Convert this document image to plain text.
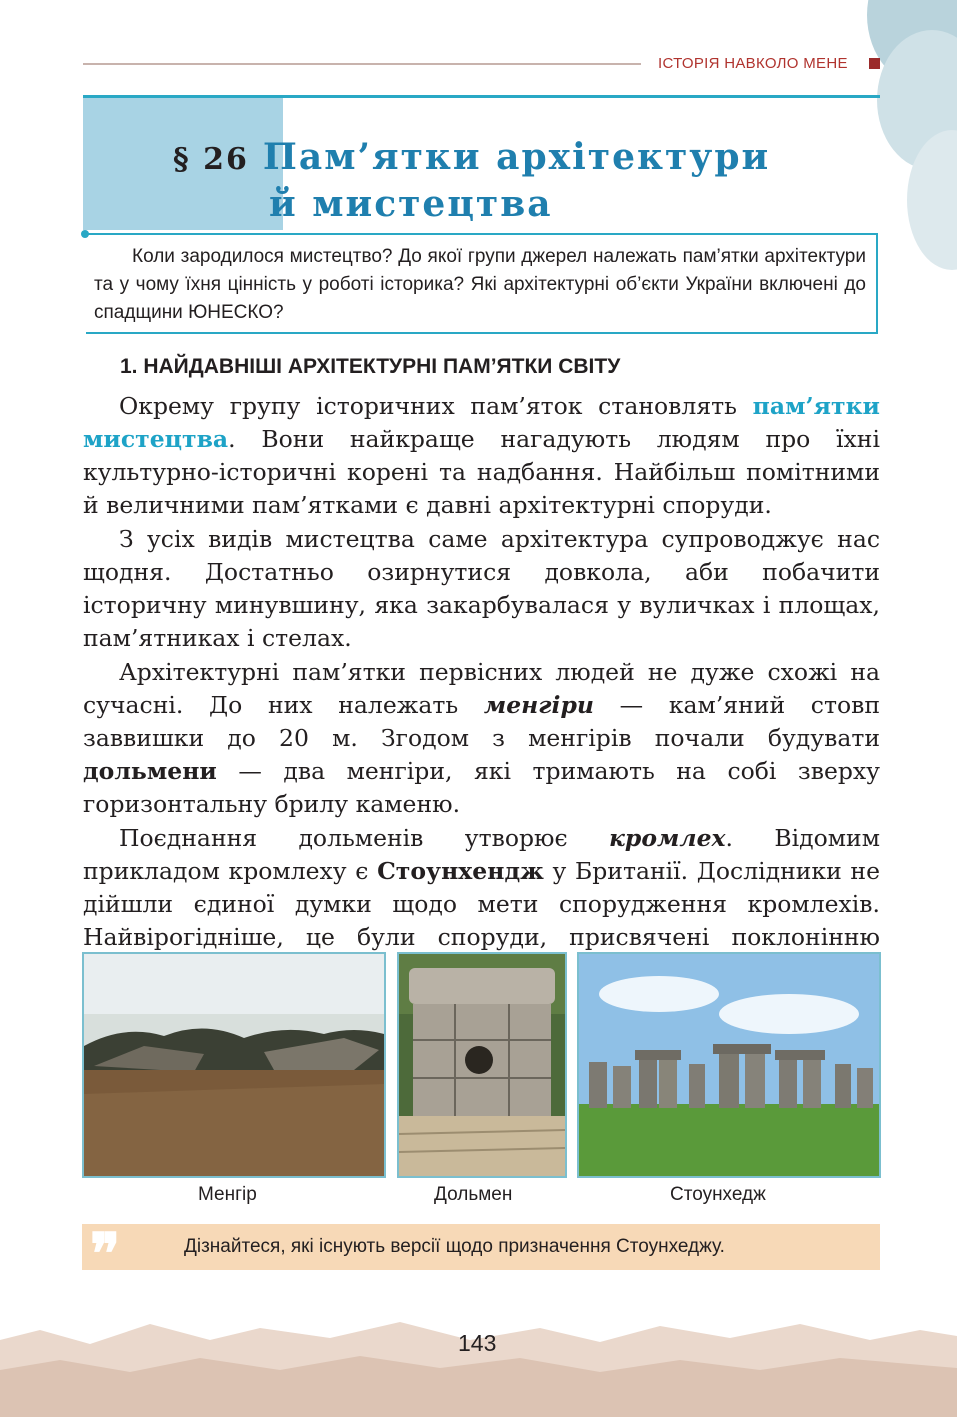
ІСТОРІЯ НАВКОЛО МЕНЕ
§ 26 Пам’ятки архітектури
й мистецтва
Коли зародилося мистецтво? До якої групи джерел належать пам’ятки архітектури та у чому їхня цінність у роботі історика? Які архітектурні об’єкти України включені до спадщини ЮНЕСКО?
1. НАЙДАВНІШІ АРХІТЕКТУРНІ ПАМ’ЯТКИ СВІТУ

Окрему групу історичних пам’яток становлять пам’ятки мистецтва. Вони найкраще нагадують людям про їхні культурно-історичні корені та надбання. Найбільш помітними й величними пам’ятками є давні архітектурні споруди.

З усіх видів мистецтва саме архітектура супроводжує нас щодня. Достатньо озирнутися довкола, аби побачити історичну минувшину, яка закарбувалася у вуличках і площах, пам’ятниках і стелах.

Архітектурні пам’ятки первісних людей не дуже схожі на сучасні. До них належать менгіри — кам’яний стовп заввишки до 20 м. Згодом з менгірів почали будувати дольмени — два менгіри, які тримають на собі зверху горизонтальну брилу каменю.

Поєднання дольменів утворює кромлех. Відомим прикладом кромлеху є Стоунхендж у Британії. Дослідники не дійшли єдиної думки щодо мети спорудження кромлехів. Найвірогідніше, це були споруди, присвячені поклонінню

Менгір	Дольмен	Стоунхедж
❞	Дізнайтеся, які існують версії щодо призначення Стоунхеджу.
143
